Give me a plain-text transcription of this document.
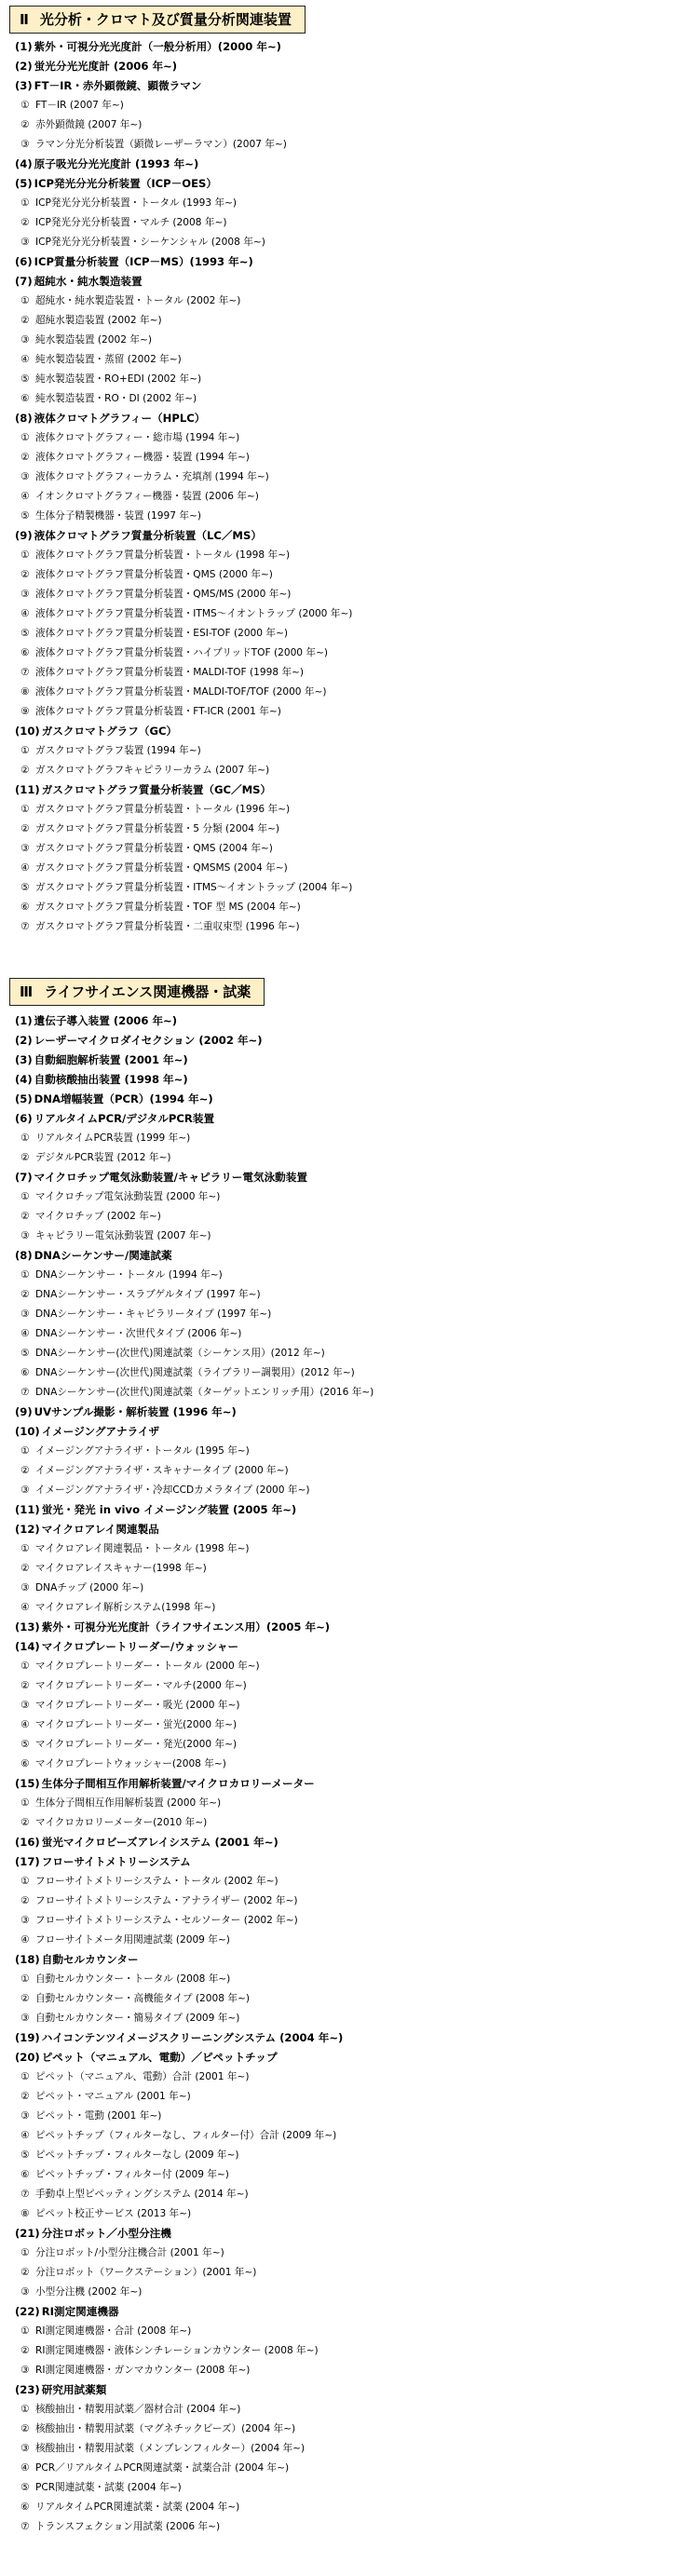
Ⅱ 光分析・クロマト及び質量分析関連装置
(1) 紫外・可視分光光度計（一般分析用）(2000 年~)
(2) 蛍光分光光度計 (2006 年~)
(3) FT－IR・赤外顕微鏡、顕微ラマン
① FT－IR (2007 年~)
② 赤外顕微鏡 (2007 年~)
③ ラマン分光分析装置（顕微レーザーラマン）(2007 年~)
(4) 原子吸光分光光度計 (1993 年~)
(5) ICP発光分光分析装置（ICP－OES）
① ICP発光分光分析装置・トータル (1993 年~)
② ICP発光分光分析装置・マルチ (2008 年~)
③ ICP発光分光分析装置・シーケンシャル (2008 年~)
(6) ICP質量分析装置（ICP－MS）(1993 年~)
(7) 超純水・純水製造装置
① 超純水・純水製造装置・トータル (2002 年~)
② 超純水製造装置 (2002 年~)
③ 純水製造装置 (2002 年~)
④ 純水製造装置・蒸留 (2002 年~)
⑤ 純水製造装置・RO+EDI (2002 年~)
⑥ 純水製造装置・RO・DI (2002 年~)
(8) 液体クロマトグラフィー（HPLC）
① 液体クロマトグラフィー・総市場 (1994 年~)
② 液体クロマトグラフィー機器・装置 (1994 年~)
③ 液体クロマトグラフィーカラム・充填剤 (1994 年~)
④ イオンクロマトグラフィー機器・装置 (2006 年~)
⑤ 生体分子精製機器・装置 (1997 年~)
(9) 液体クロマトグラフ質量分析装置（LC／MS）
① 液体クロマトグラフ質量分析装置・トータル (1998 年~)
② 液体クロマトグラフ質量分析装置・QMS (2000 年~)
③ 液体クロマトグラフ質量分析装置・QMS/MS (2000 年~)
④ 液体クロマトグラフ質量分析装置・ITMS～イオントラップ (2000 年~)
⑤ 液体クロマトグラフ質量分析装置・ESI-TOF (2000 年~)
⑥ 液体クロマトグラフ質量分析装置・ハイブリッドTOF (2000 年~)
⑦ 液体クロマトグラフ質量分析装置・MALDI-TOF (1998 年~)
⑧ 液体クロマトグラフ質量分析装置・MALDI-TOF/TOF (2000 年~)
⑨ 液体クロマトグラフ質量分析装置・FT-ICR (2001 年~)
(10) ガスクロマトグラフ（GC）
① ガスクロマトグラフ装置 (1994 年~)
② ガスクロマトグラフキャピラリーカラム (2007 年~)
(11) ガスクロマトグラフ質量分析装置（GC／MS）
① ガスクロマトグラフ質量分析装置・トータル (1996 年~)
② ガスクロマトグラフ質量分析装置・5 分類 (2004 年~)
③ ガスクロマトグラフ質量分析装置・QMS (2004 年~)
④ ガスクロマトグラフ質量分析装置・QMSMS (2004 年~)
⑤ ガスクロマトグラフ質量分析装置・ITMS～イオントラップ (2004 年~)
⑥ ガスクロマトグラフ質量分析装置・TOF 型 MS (2004 年~)
⑦ ガスクロマトグラフ質量分析装置・二重収束型 (1996 年~)
Ⅲ ライフサイエンス関連機器・試薬
(1) 遺伝子導入装置 (2006 年~)
(2) レーザーマイクロダイセクション (2002 年~)
(3) 自動細胞解析装置 (2001 年~)
(4) 自動核酸抽出装置 (1998 年~)
(5) DNA増幅装置（PCR）(1994 年~)
(6) リアルタイムPCR/デジタルPCR装置
① リアルタイムPCR装置 (1999 年~)
② デジタルPCR装置 (2012 年~)
(7) マイクロチップ電気泳動装置/キャピラリー電気泳動装置
① マイクロチップ電気泳動装置 (2000 年~)
② マイクロチップ (2002 年~)
③ キャピラリー電気泳動装置 (2007 年~)
(8) DNAシーケンサー/関連試薬
① DNAシーケンサー・トータル (1994 年~)
② DNAシーケンサー・スラブゲルタイプ (1997 年~)
③ DNAシーケンサー・キャピラリータイプ (1997 年~)
④ DNAシーケンサー・次世代タイプ (2006 年~)
⑤ DNAシーケンサー(次世代)関連試薬（シーケンス用）(2012 年~)
⑥ DNAシーケンサー(次世代)関連試薬（ライブラリー調製用）(2012 年~)
⑦ DNAシーケンサー(次世代)関連試薬（ターゲットエンリッチ用）(2016 年~)
(9) UVサンプル撮影・解析装置 (1996 年~)
(10) イメージングアナライザ
① イメージングアナライザ・トータル (1995 年~)
② イメージングアナライザ・スキャナータイプ (2000 年~)
③ イメージングアナライザ・冷却CCDカメラタイプ (2000 年~)
(11) 蛍光・発光 in vivo イメージング装置 (2005 年~)
(12) マイクロアレイ関連製品
① マイクロアレイ関連製品・トータル (1998 年~)
② マイクロアレイスキャナー(1998 年~)
③ DNAチップ (2000 年~)
④ マイクロアレイ解析システム(1998 年~)
(13) 紫外・可視分光光度計（ライフサイエンス用）(2005 年~)
(14) マイクロプレートリーダー/ウォッシャー
① マイクロプレートリーダー・トータル (2000 年~)
② マイクロプレートリーダー・マルチ(2000 年~)
③ マイクロプレートリーダー・吸光 (2000 年~)
④ マイクロプレートリーダー・蛍光(2000 年~)
⑤ マイクロプレートリーダー・発光(2000 年~)
⑥ マイクロプレートウォッシャー(2008 年~)
(15) 生体分子間相互作用解析装置/マイクロカロリーメーター
① 生体分子間相互作用解析装置 (2000 年~)
② マイクロカロリーメーター(2010 年~)
(16) 蛍光マイクロビーズアレイシステム (2001 年~)
(17) フローサイトメトリーシステム
① フローサイトメトリーシステム・トータル (2002 年~)
② フローサイトメトリーシステム・アナライザー (2002 年~)
③ フローサイトメトリーシステム・セルソーター (2002 年~)
④ フローサイトメータ用関連試薬 (2009 年~)
(18) 自動セルカウンター
① 自動セルカウンター・トータル (2008 年~)
② 自動セルカウンター・高機能タイプ (2008 年~)
③ 自動セルカウンター・簡易タイプ (2009 年~)
(19) ハイコンテンツイメージスクリーニングシステム (2004 年~)
(20) ピペット（マニュアル、電動）／ピペットチップ
① ピペット（マニュアル、電動）合計 (2001 年~)
② ピペット・マニュアル (2001 年~)
③ ピペット・電動 (2001 年~)
④ ピペットチップ（フィルターなし、フィルター付）合計 (2009 年~)
⑤ ピペットチップ・フィルターなし (2009 年~)
⑥ ピペットチップ・フィルター付 (2009 年~)
⑦ 手動卓上型ピペッティングシステム (2014 年~)
⑧ ピペット校正サービス (2013 年~)
(21) 分注ロボット／小型分注機
① 分注ロボット/小型分注機合計 (2001 年~)
② 分注ロボット（ワークステーション）(2001 年~)
③ 小型分注機 (2002 年~)
(22) RI測定関連機器
① RI測定関連機器・合計 (2008 年~)
② RI測定関連機器・液体シンチレーションカウンター (2008 年~)
③ RI測定関連機器・ガンマカウンター (2008 年~)
(23) 研究用試薬類
① 核酸抽出・精製用試薬／器材合計 (2004 年~)
② 核酸抽出・精製用試薬（マグネチックビーズ）(2004 年~)
③ 核酸抽出・精製用試薬（メンブレンフィルター）(2004 年~)
④ PCR／リアルタイムPCR関連試薬・試薬合計 (2004 年~)
⑤ PCR関連試薬・試薬 (2004 年~)
⑥ リアルタイムPCR関連試薬・試薬 (2004 年~)
⑦ トランスフェクション用試薬 (2006 年~)
